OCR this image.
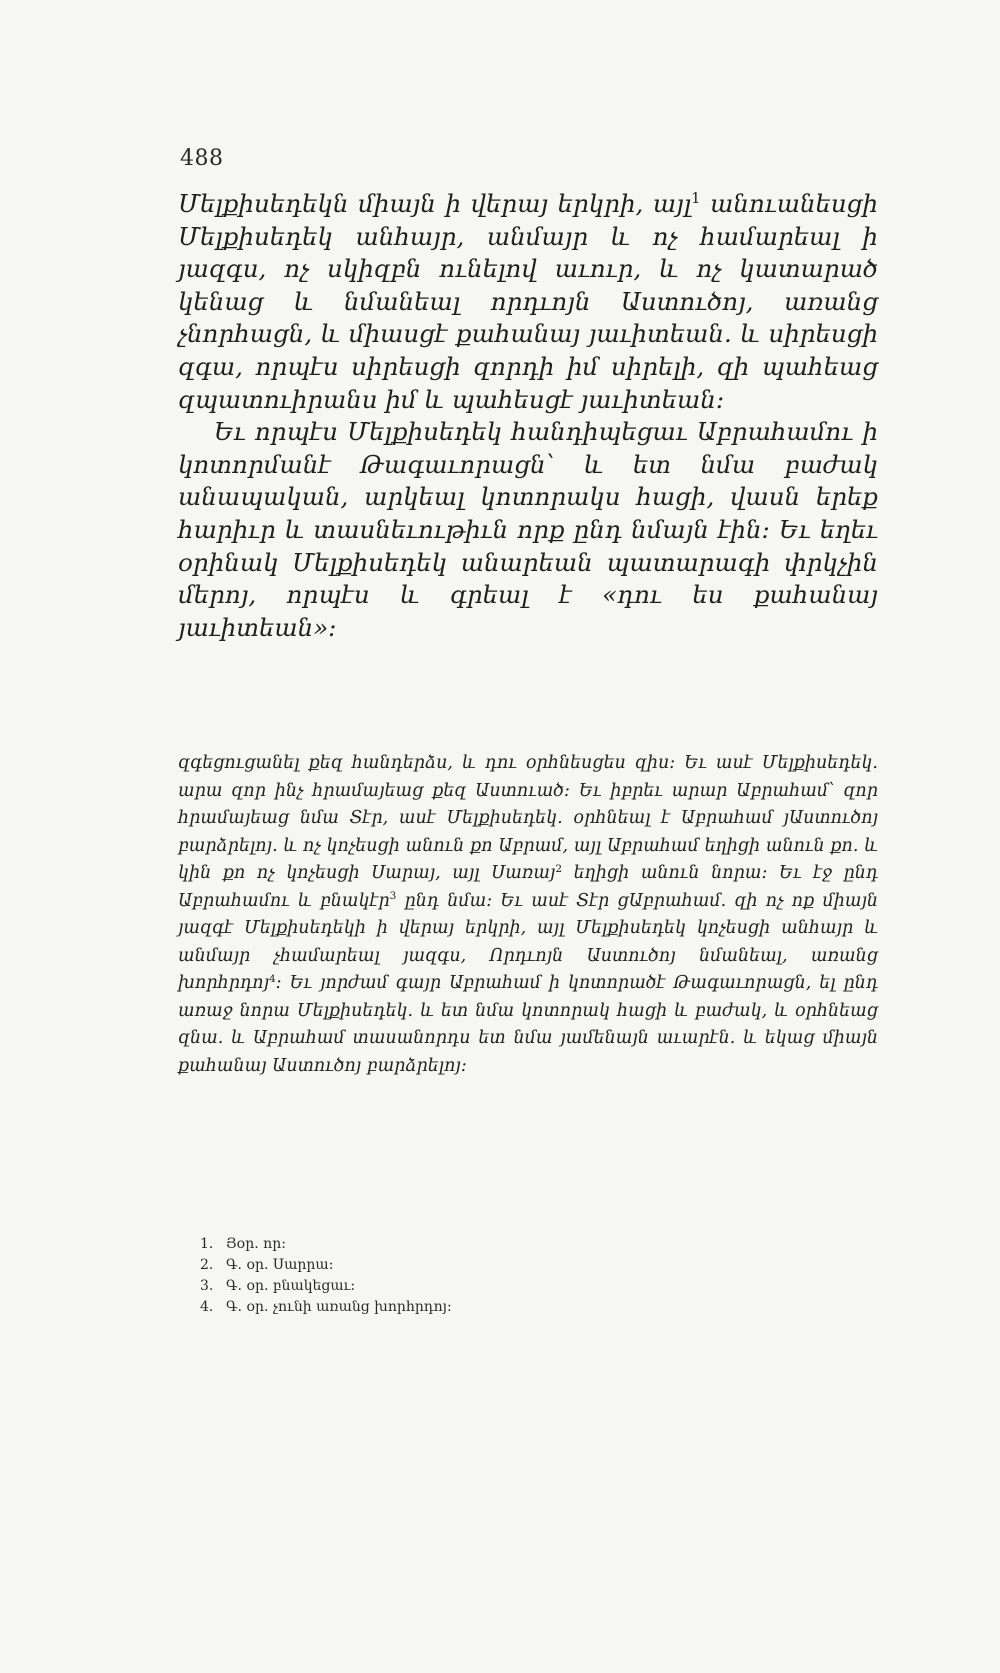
488

Մելքիսեդեկն միայն ի վերայ երկրի, այլ$^1$ անուանեսցի Մելքիսեդեկ անհայր, անմայր և ոչ համարեալ ի յազգս, ոչ սկիզբն ունելով աւուր, և ոչ կատարած կենաց և նմանեալ որդւոյն Աստուծոյ, առանց չնորհացն, և միասցէ քահանայ յաւիտեան. և սիրեսցի զգա, որպէս սիրեսցի զորդի իմ սիրելի, զի պահեաց զպատուիրանս իմ և պահեսցէ յաւիտեան։

Եւ որպէս Մելքիսեդեկ հանդիպեցաւ Աբրահամու ի կոտորմանէ Թագաւորացն՝ և ետ նմա բաժակ անապական, արկեալ կոտորակս հացի, վասն երեք հարիւր և տասնեւութիւն որք ընդ նմայն էին։ Եւ եղեւ օրինակ Մելքիսեդեկ անարեան պատարագի փրկչին մերոյ, որպէս և գրեալ է «դու ես քահանայ յաւիտեան»։

զգեցուցանել քեզ հանդերձս, և դու օրհնեսցես զիս։ Եւ ասէ Մելքիսեդեկ. արա զոր ինչ հրամայեաց քեզ Աստուած։ Եւ իբրեւ արար Աբրահամ՝ զոր հրամայեաց նմա Տէր, ասէ Մելքիսեդեկ. օրհնեալ է Աբրահամ յԱստուծոյ բարձրելոյ. և ոչ կոչեսցի անուն քո Աբրամ, այլ Աբրահամ եղիցի անուն քո. և կին քո ոչ կոչեսցի Սարայ, այլ Սառայ$^2$ եղիցի անուն նորա։ Եւ էջ ընդ Աբրահամու և բնակէր$^3$ ընդ նմա։ Եւ ասէ Տէր ցԱբրահամ. զի ոչ ոք միայն յազգէ Մելքիսեդեկի ի վերայ երկրի, այլ Մելքիսեդեկ կոչեսցի անհայր և անմայր չհամարեալ յազգս, Որդւոյն Աստուծոյ նմանեալ, առանց խորհրդոյ$^4$։ Եւ յորժամ գայր Աբրահամ ի կոտորածէ Թագաւորացն, ել ընդ առաջ նորա Մելքիսեդեկ. և ետ նմա կոտորակ հացի և բաժակ, և օրհնեաց զնա. և Աբրահամ տասանորդս ետ նմա յամենայն աւարէն. և եկաց միայն քահանայ Աստուծոյ բարձրելոյ։

1. Յօր. որ։
2. Գ. օր. Սարրա։
3. Գ. օր. բնակեցաւ։
4. Գ. օր. չունի առանց խորհրդոյ։
